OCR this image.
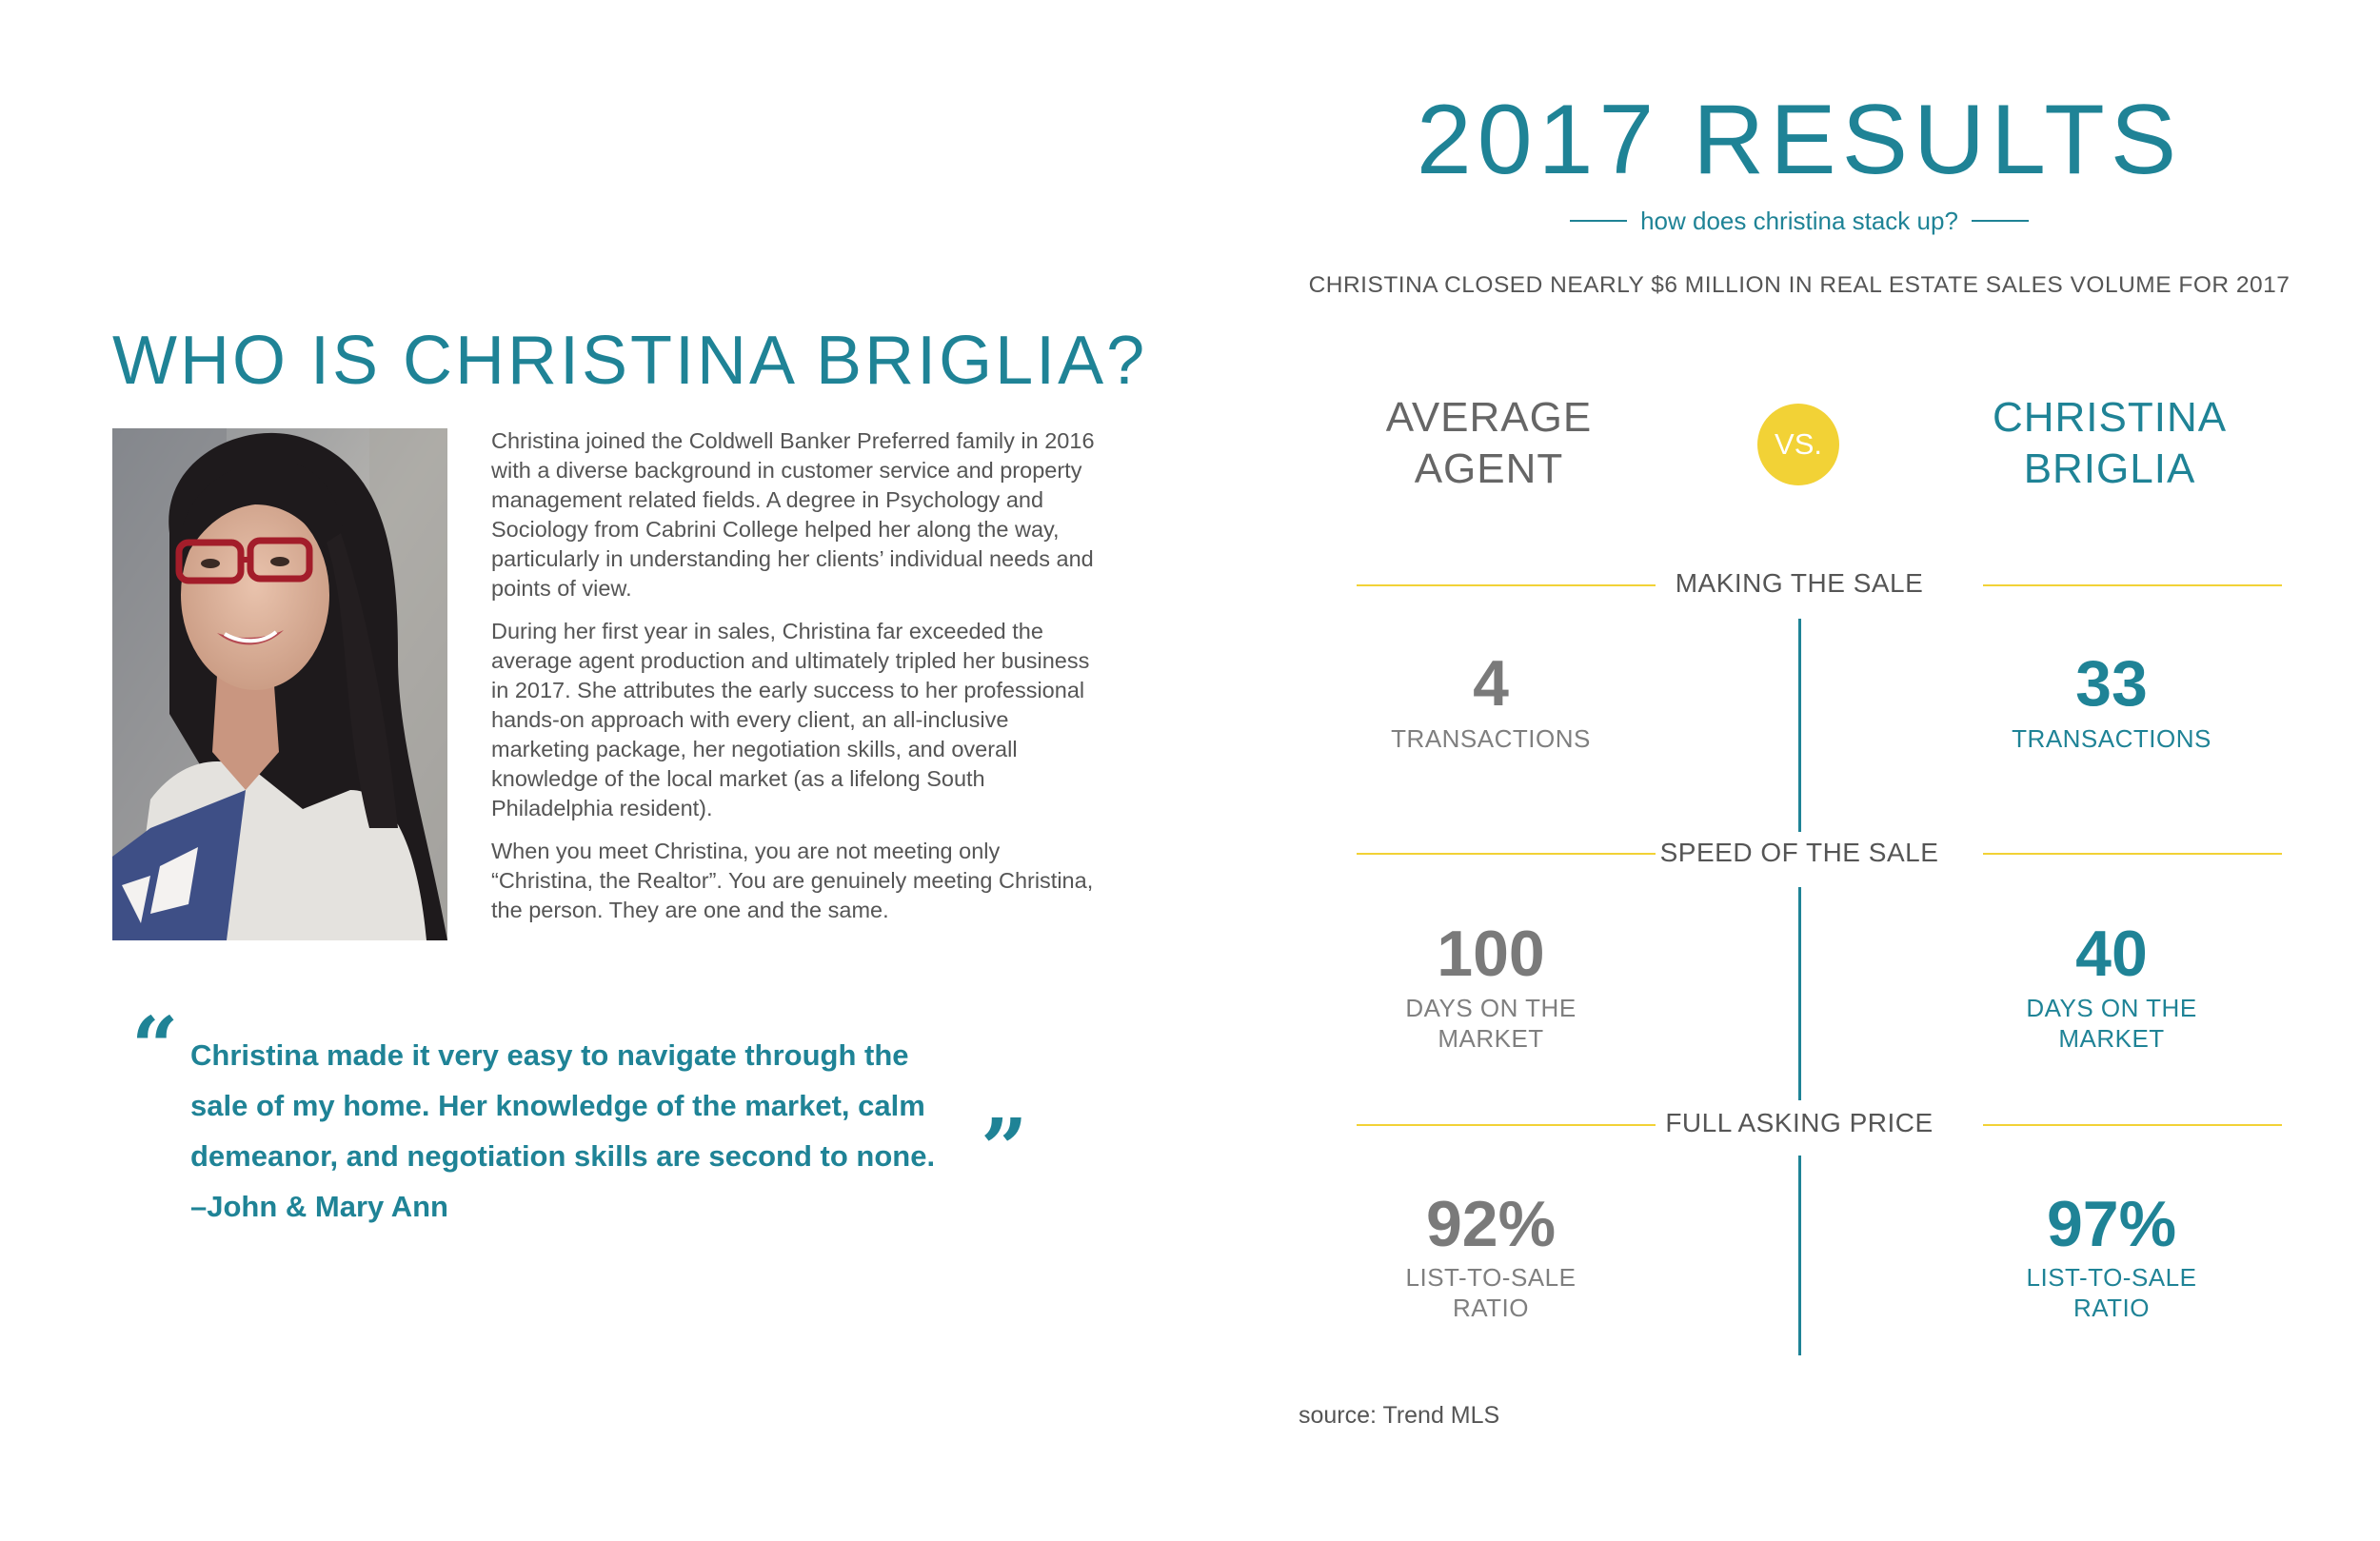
WHO IS CHRISTINA BRIGLIA?

Christina joined the Coldwell Banker Preferred family in 2016 with a diverse background in customer service and property management related fields. A degree in Psychology and Sociology from Cabrini College helped her along the way, particularly in understanding her clients’ individual needs and points of view.

During her first year in sales, Christina far exceeded the average agent production and ultimately tripled her business in 2017. She attributes the early success to her professional hands-on approach with every client, an all-inclusive marketing package, her negotiation skills, and overall knowledge of the local market (as a lifelong South Philadelphia resident).

When you meet Christina, you are not meeting only “Christina, the Realtor”. You are genuinely meeting Christina, the person. They are one and the same.

“ Christina made it very easy to navigate through the
sale of my home. Her knowledge of the market, calm
demeanor, and negotiation skills are second to none.
–John & Mary Ann
”
2017 RESULTS
how does christina stack up?
CHRISTINA CLOSED NEARLY $6 MILLION IN REAL ESTATE SALES VOLUME FOR 2017
AVERAGE
AGENT
VS.
CHRISTINA
BRIGLIA
MAKING THE SALE
4
TRANSACTIONS
33
TRANSACTIONS
SPEED OF THE SALE
100
DAYS ON THE
MARKET
40
DAYS ON THE
MARKET
FULL ASKING PRICE
92%
LIST-TO-SALE
RATIO
97%
LIST-TO-SALE
RATIO
source: Trend MLS
